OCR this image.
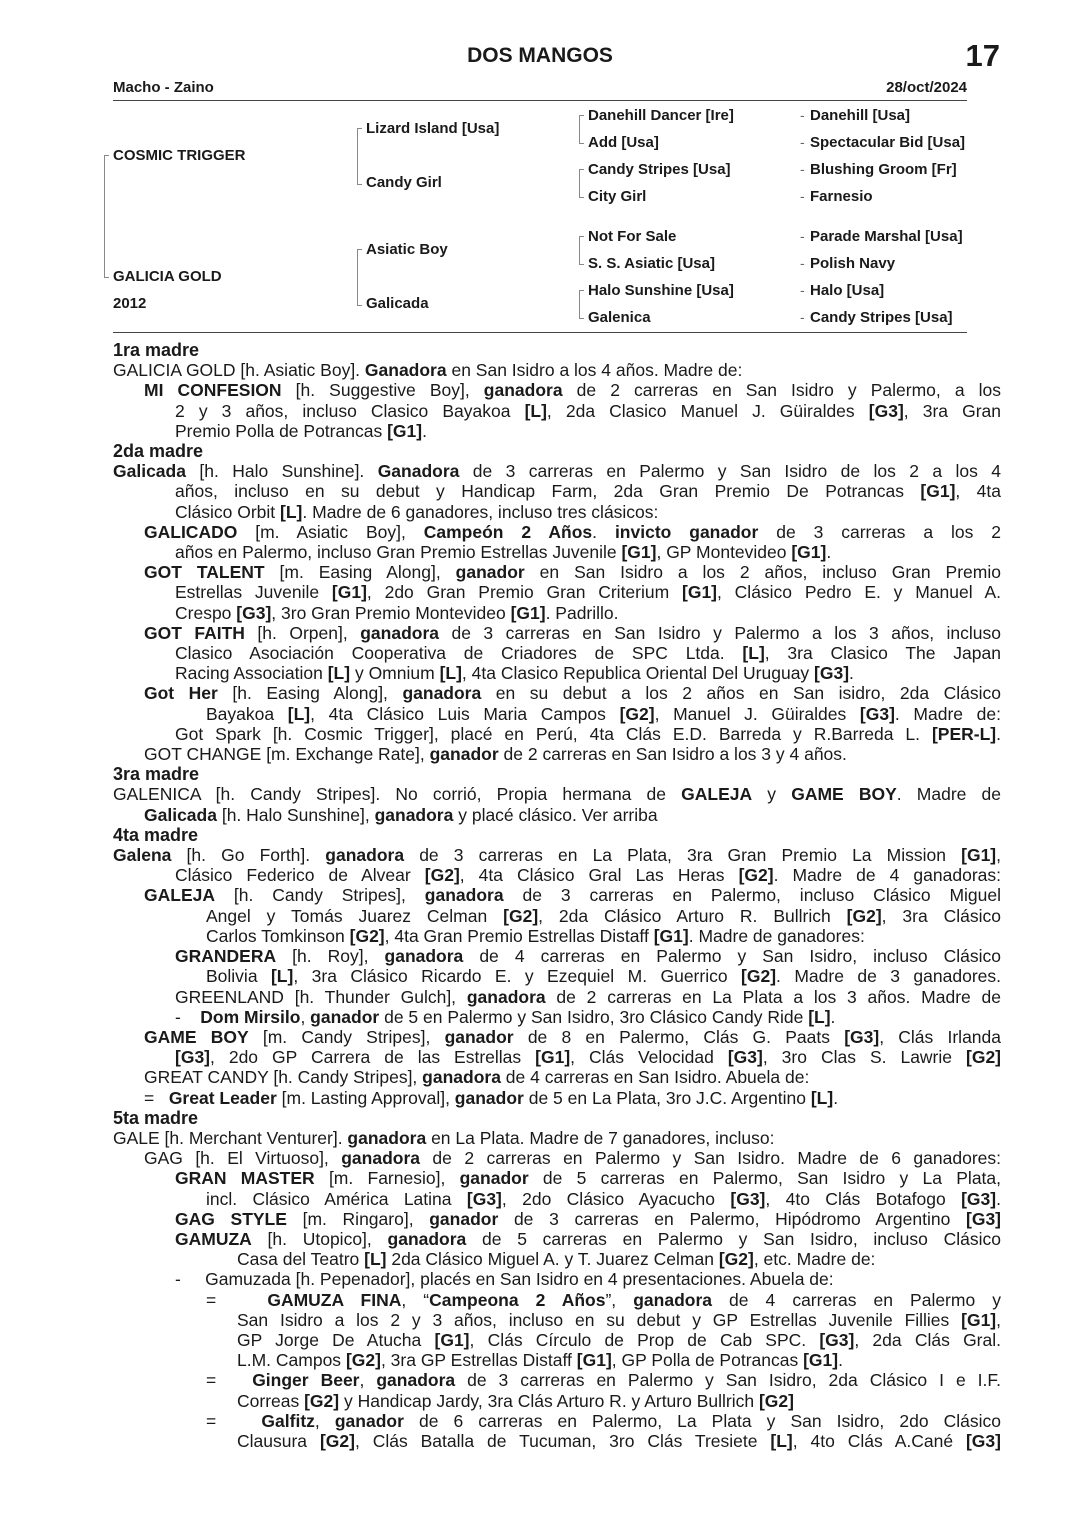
DOS MANGOS	17
Macho - Zaino	28/oct/2024
COSMIC TRIGGER
GALICIA GOLD
2012
Lizard Island [Usa]
Candy Girl
Asiatic Boy
Galicada
Danehill Dancer [Ire]
Add [Usa]
Candy Stripes [Usa]
City Girl
Not For Sale
S. S. Asiatic [Usa]
Halo Sunshine [Usa]
Galenica
-
-
-
-
-
-
-
-
Danehill [Usa]
Spectacular Bid [Usa]
Blushing Groom [Fr]
Farnesio
Parade Marshal [Usa]
Polish Navy
Halo [Usa]
Candy Stripes [Usa]
1ra madre
GALICIA GOLD [h. Asiatic Boy]. Ganadora en San Isidro a los 4 años. Madre de:
MI CONFESION [h. Suggestive Boy], ganadora de 2 carreras en San Isidro y Palermo, a los
2 y 3 años, incluso Clasico Bayakoa [L], 2da Clasico Manuel J. Güiraldes [G3], 3ra Gran
Premio Polla de Potrancas [G1].
2da madre
Galicada [h. Halo Sunshine]. Ganadora de 3 carreras en Palermo y San Isidro de los 2 a los 4
años, incluso en su debut y Handicap Farm, 2da Gran Premio De Potrancas [G1], 4ta
Clásico Orbit [L]. Madre de 6 ganadores, incluso tres clásicos:
GALICADO [m. Asiatic Boy], Campeón 2 Años. invicto ganador de 3 carreras a los 2
años en Palermo, incluso Gran Premio Estrellas Juvenile [G1], GP Montevideo [G1].
GOT TALENT [m. Easing Along], ganador en San Isidro a los 2 años, incluso Gran Premio
Estrellas Juvenile [G1], 2do Gran Premio Gran Criterium [G1], Clásico Pedro E. y Manuel A.
Crespo [G3], 3ro Gran Premio Montevideo [G1]. Padrillo.
GOT FAITH [h. Orpen], ganadora de 3 carreras en San Isidro y Palermo a los 3 años, incluso
Clasico Asociación Cooperativa de Criadores de SPC Ltda. [L], 3ra Clasico The Japan
Racing Association [L] y Omnium [L], 4ta Clasico Republica Oriental Del Uruguay [G3].
Got Her [h. Easing Along], ganadora en su debut a los 2 años en San isidro, 2da Clásico
Bayakoa [L], 4ta Clásico Luis Maria Campos [G2], Manuel J. Güiraldes [G3]. Madre de:
Got Spark [h. Cosmic Trigger], placé en Perú, 4ta Clás E.D. Barreda y R.Barreda L. [PER-L].
GOT CHANGE [m. Exchange Rate], ganador de 2 carreras en San Isidro a los 3 y 4 años.
3ra madre
GALENICA [h. Candy Stripes]. No corrió, Propia hermana de GALEJA y GAME BOY. Madre de
Galicada [h. Halo Sunshine], ganadora y placé clásico. Ver arriba
4ta madre
Galena [h. Go Forth]. ganadora de 3 carreras en La Plata, 3ra Gran Premio La Mission [G1],
Clásico Federico de Alvear [G2], 4ta Clásico Gral Las Heras [G2]. Madre de 4 ganadoras:
GALEJA [h. Candy Stripes], ganadora de 3 carreras en Palermo, incluso Clásico Miguel
Angel y Tomás Juarez Celman [G2], 2da Clásico Arturo R. Bullrich [G2], 3ra Clásico
Carlos Tomkinson [G2], 4ta Gran Premio Estrellas Distaff [G1]. Madre de ganadores:
GRANDERA [h. Roy], ganadora de 4 carreras en Palermo y San Isidro, incluso Clásico
Bolivia [L], 3ra Clásico Ricardo E. y Ezequiel M. Guerrico [G2]. Madre de 3 ganadores.
GREENLAND [h. Thunder Gulch], ganadora de 2 carreras en La Plata a los 3 años. Madre de
-    Dom Mirsilo, ganador de 5 en Palermo y San Isidro, 3ro Clásico Candy Ride [L].
GAME BOY [m. Candy Stripes], ganador de 8 en Palermo, Clás G. Paats [G3], Clás Irlanda
[G3], 2do GP Carrera de las Estrellas [G1], Clás Velocidad [G3], 3ro Clas S. Lawrie [G2]
GREAT CANDY [h. Candy Stripes], ganadora de 4 carreras en San Isidro. Abuela de:
=   Great Leader [m. Lasting Approval], ganador de 5 en La Plata, 3ro J.C. Argentino [L].
5ta madre
GALE [h. Merchant Venturer]. ganadora en La Plata. Madre de 7 ganadores, incluso:
GAG [h. El Virtuoso], ganadora de 2 carreras en Palermo y San Isidro. Madre de 6 ganadores:
GRAN MASTER [m. Farnesio], ganador de 5 carreras en Palermo, San Isidro y La Plata,
incl. Clásico América Latina [G3], 2do Clásico Ayacucho [G3], 4to Clás Botafogo [G3].
GAG STYLE [m. Ringaro], ganador de 3 carreras en Palermo, Hipódromo Argentino [G3]
GAMUZA [h. Utopico], ganadora de 5 carreras en Palermo y San Isidro, incluso Clásico
Casa del Teatro [L] 2da Clásico Miguel A. y T. Juarez Celman [G2], etc. Madre de:
-     Gamuzada [h. Pepenador], placés en San Isidro en 4 presentaciones. Abuela de:
=   GAMUZA FINA, “Campeona 2 Años”, ganadora de 4 carreras en Palermo y
San Isidro a los 2 y 3 años, incluso en su debut y GP Estrellas Juvenile Fillies [G1],
GP Jorge De Atucha [G1], Clás Círculo de Prop de Cab SPC. [G3], 2da Clás Gral.
L.M. Campos [G2], 3ra GP Estrellas Distaff [G1], GP Polla de Potrancas [G1].
=   Ginger Beer, ganadora de 3 carreras en Palermo y San Isidro, 2da Clásico I e I.F.
Correas [G2] y Handicap Jardy, 3ra Clás Arturo R. y Arturo Bullrich [G2]
=   Galfitz, ganador de 6 carreras en Palermo, La Plata y San Isidro, 2do Clásico
Clausura [G2], Clás Batalla de Tucuman, 3ro Clás Tresiete [L], 4to Clás A.Cané [G3]
